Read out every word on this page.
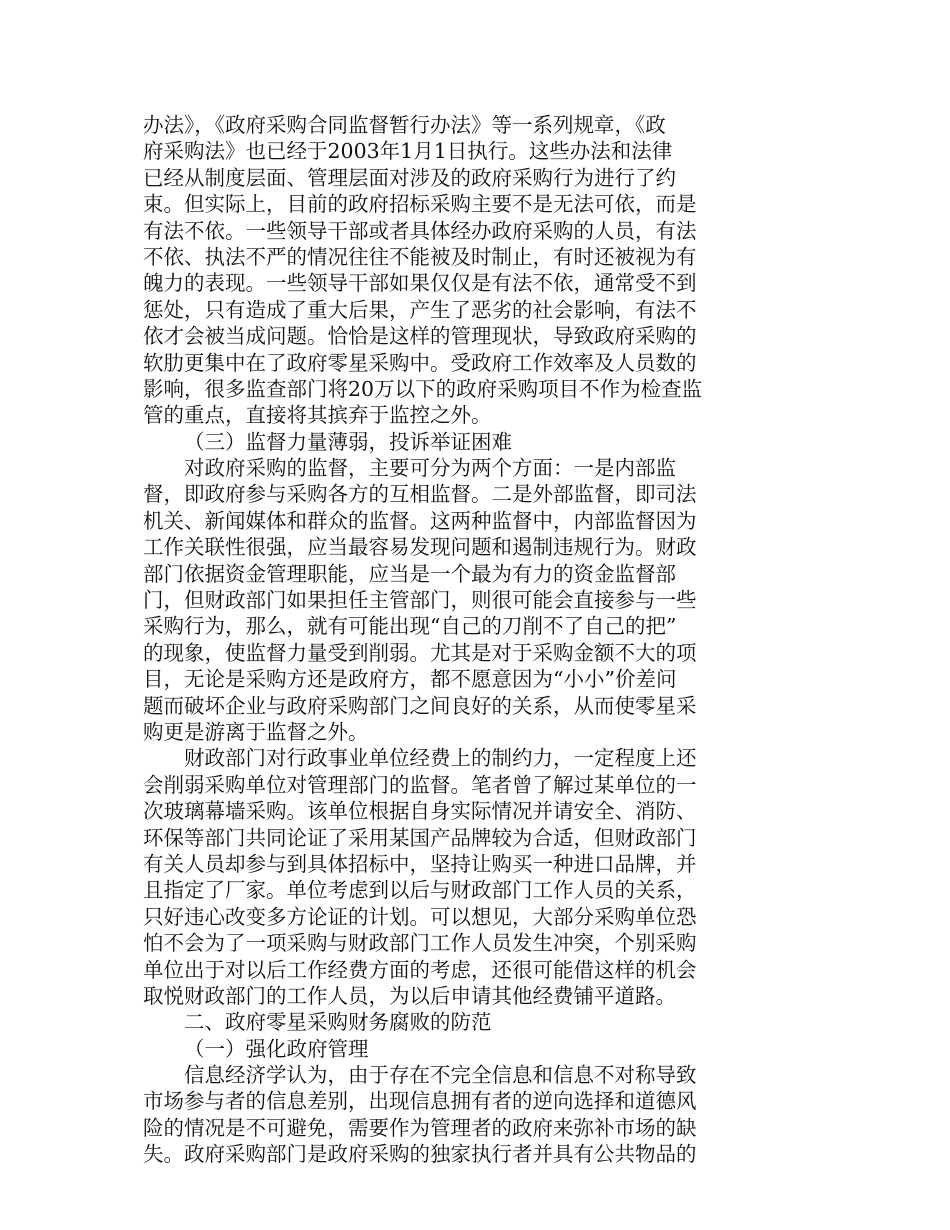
办法》，《政府采购合同监督暂行办法》等一系列规章，《政
府采购法》也已经于2003年1月1日执行。这些办法和法律
已经从制度层面、管理层面对涉及的政府采购行为进行了约
束。但实际上，目前的政府招标采购主要不是无法可依，而是
有法不依。一些领导干部或者具体经办政府采购的人员，有法
不依、执法不严的情况往往不能被及时制止，有时还被视为有
魄力的表现。一些领导干部如果仅仅是有法不依，通常受不到
惩处，只有造成了重大后果，产生了恶劣的社会影响，有法不
依才会被当成问题。恰恰是这样的管理现状，导致政府采购的
软肋更集中在了政府零星采购中。受政府工作效率及人员数的
影响，很多监查部门将20万以下的政府采购项目不作为检查监
管的重点，直接将其摈弃于监控之外。
（三）监督力量薄弱，投诉举证困难
对政府采购的监督，主要可分为两个方面：一是内部监
督，即政府参与采购各方的互相监督。二是外部监督，即司法
机关、新闻媒体和群众的监督。这两种监督中，内部监督因为
工作关联性很强，应当最容易发现问题和遏制违规行为。财政
部门依据资金管理职能，应当是一个最为有力的资金监督部
门，但财政部门如果担任主管部门，则很可能会直接参与一些
采购行为，那么，就有可能出现“自己的刀削不了自己的把”
的现象，使监督力量受到削弱。尤其是对于采购金额不大的项
目，无论是采购方还是政府方，都不愿意因为“小小”价差问
题而破坏企业与政府采购部门之间良好的关系，从而使零星采
购更是游离于监督之外。
财政部门对行政事业单位经费上的制约力，一定程度上还
会削弱采购单位对管理部门的监督。笔者曾了解过某单位的一
次玻璃幕墙采购。该单位根据自身实际情况并请安全、消防、
环保等部门共同论证了采用某国产品牌较为合适，但财政部门
有关人员却参与到具体招标中，坚持让购买一种进口品牌，并
且指定了厂家。单位考虑到以后与财政部门工作人员的关系，
只好违心改变多方论证的计划。可以想见，大部分采购单位恐
怕不会为了一项采购与财政部门工作人员发生冲突，个别采购
单位出于对以后工作经费方面的考虑，还很可能借这样的机会
取悦财政部门的工作人员，为以后申请其他经费铺平道路。
二、政府零星采购财务腐败的防范
（一）强化政府管理
信息经济学认为，由于存在不完全信息和信息不对称导致
市场参与者的信息差别，出现信息拥有者的逆向选择和道德风
险的情况是不可避免，需要作为管理者的政府来弥补市场的缺
失。政府采购部门是政府采购的独家执行者并具有公共物品的
